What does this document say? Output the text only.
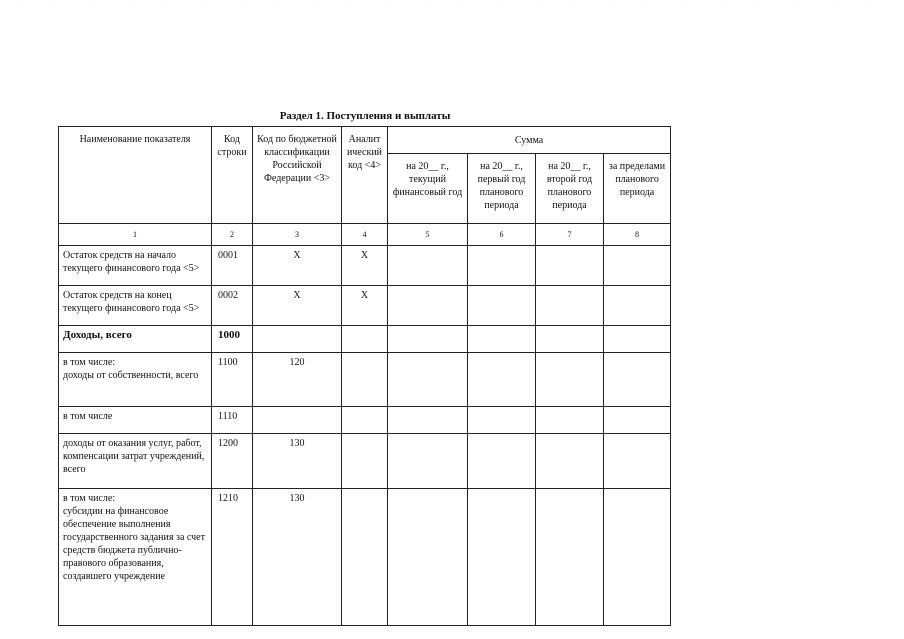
Раздел 1. Поступления и выплаты
Наименование показателя	Код строки	Код по бюджетной классификации Российской Федерации <3>	Аналит ический код <4>	Сумма			
				на 20__ г., текущий финансовый год	на 20__ г., первый год планового периода	на 20__ г., второй год планового периода	за пределами планового периода
1	2	3	4	5	6	7	8
Остаток средств на начало текущего финансового года <5>	0001	X	X				
Остаток средств на конец текущего финансового года <5>	0002	X	X				
Доходы, всего	1000						
в том числе:
доходы от собственности, всего	1100	120					
в том числе	1110						
доходы от оказания услуг, работ, компенсации затрат учреждений, всего	1200	130					
в том числе:
субсидии на финансовое обеспечение выполнения государственного задания за счет средств бюджета публично-правового образования, создавшего учреждение	1210	130					
